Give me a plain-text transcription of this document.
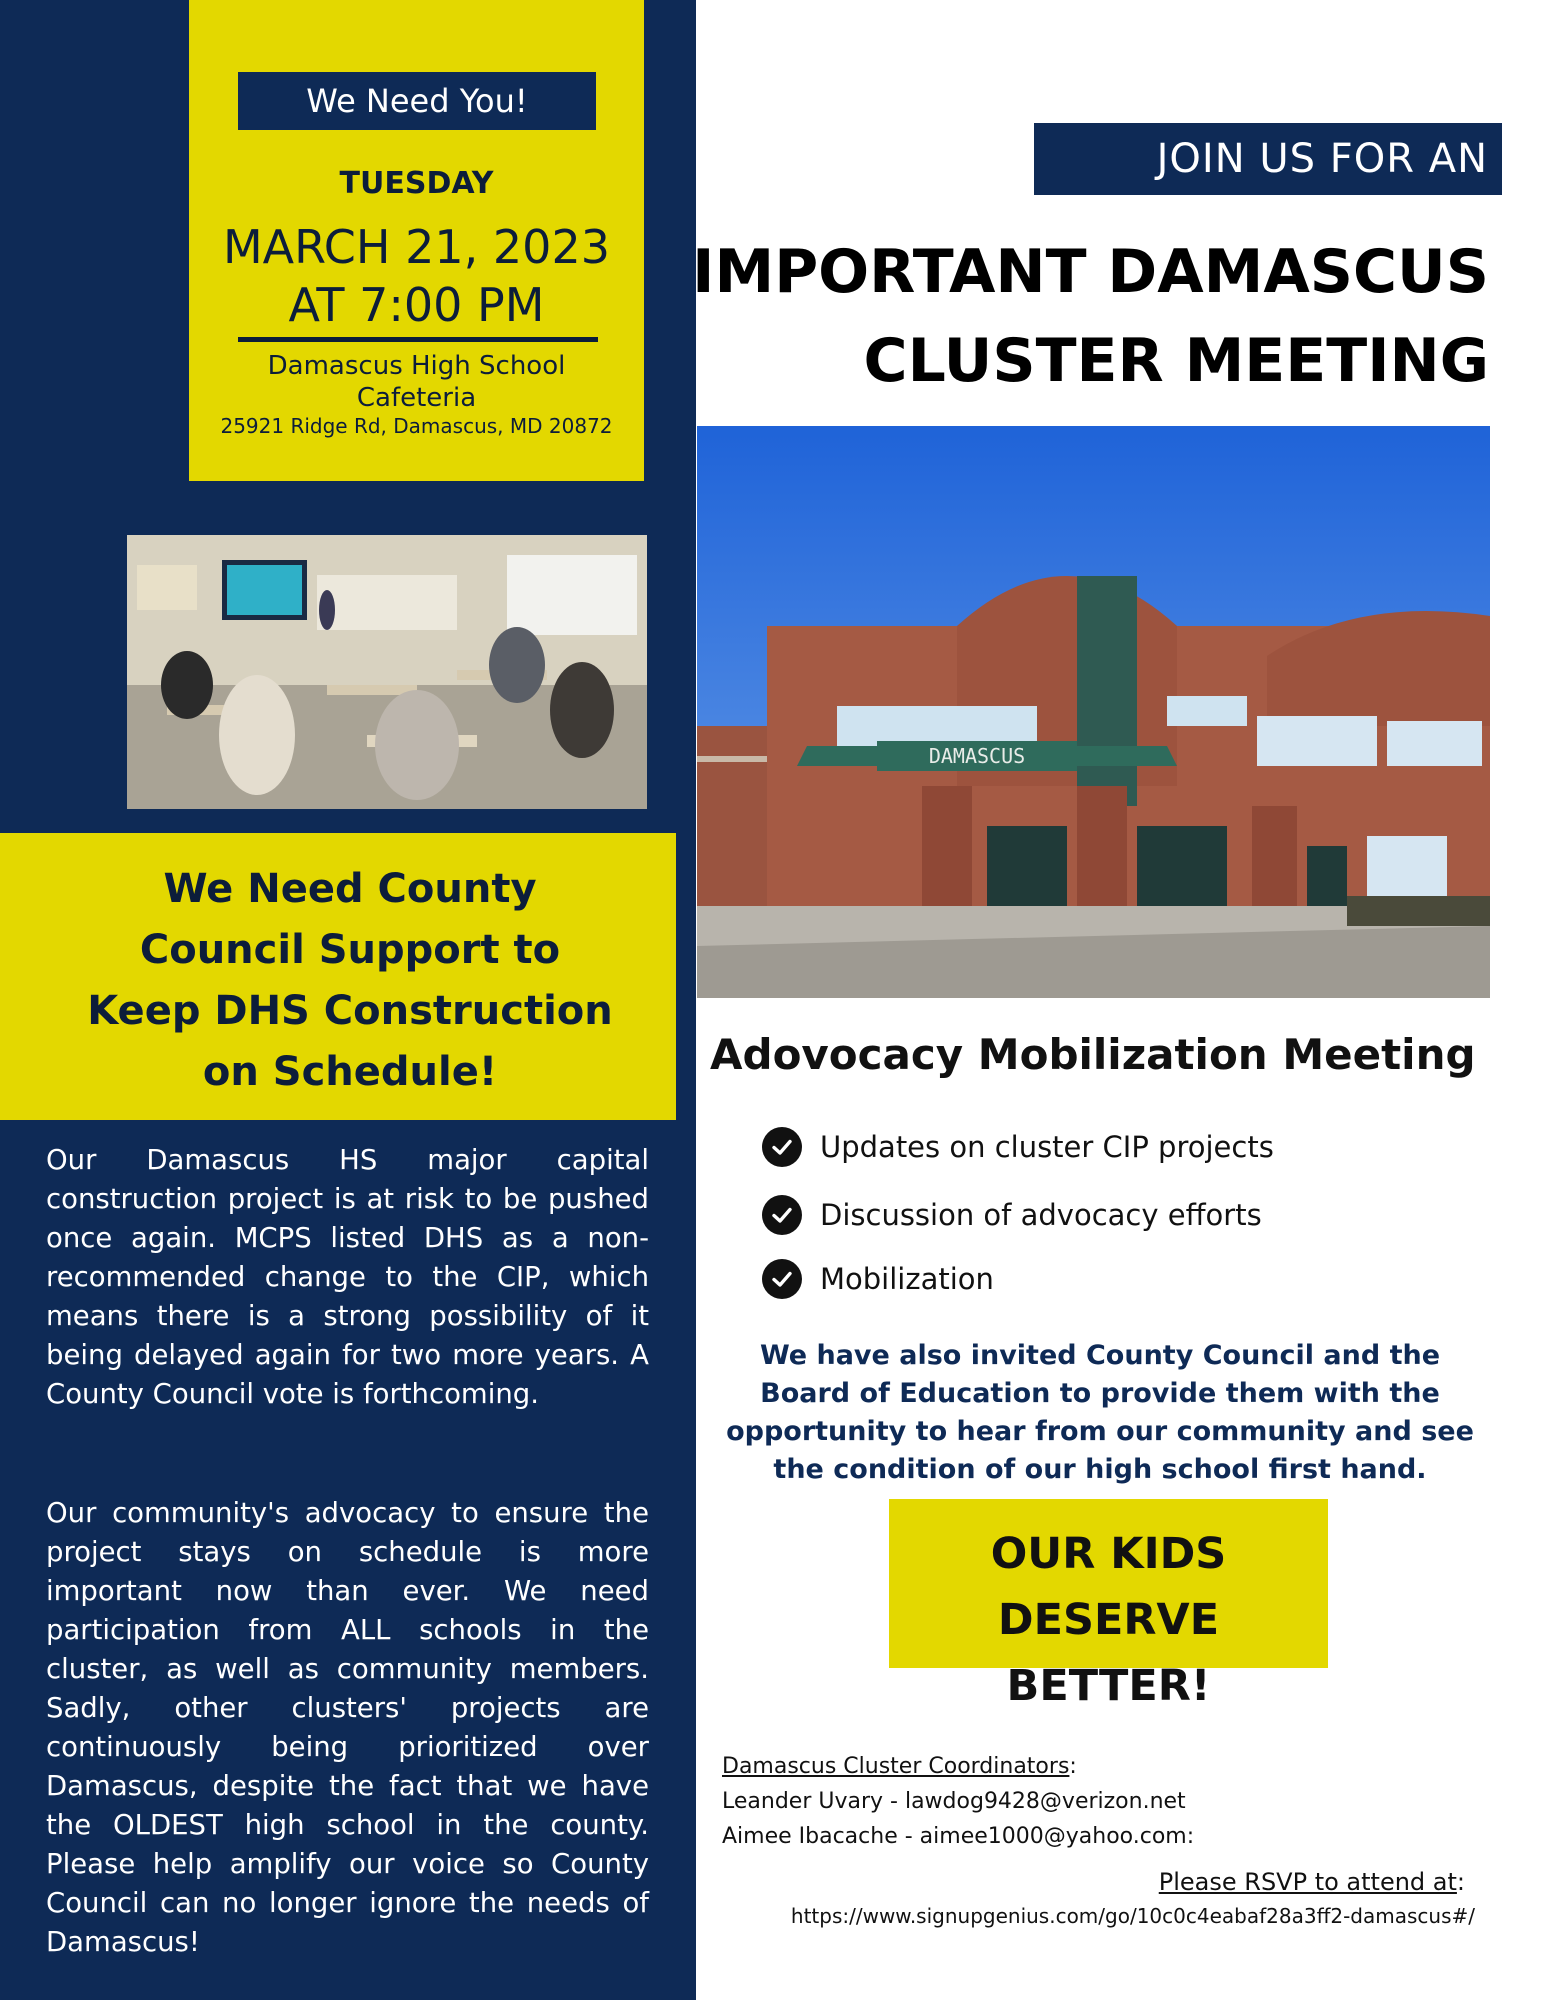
We Need You!
TUESDAY
MARCH 21, 2023
AT 7:00 PM
Damascus High School
Cafeteria
25921 Ridge Rd, Damascus, MD 20872
We Need County
Council Support to
Keep DHS Construction
on Schedule!

Our Damascus HS major capital construction project is at risk to be pushed once again. MCPS listed DHS as a non-recommended change to the CIP, which means there is a strong possibility of it being delayed again for two more years. A County Council vote is forthcoming.

Our community's advocacy to ensure the project stays on schedule is more important now than ever. We need participation from ALL schools in the cluster, as well as community members. Sadly, other clusters' projects are continuously being prioritized over Damascus, despite the fact that we have the OLDEST high school in the county. Please help amplify our voice so County Council can no longer ignore the needs of Damascus!

JOIN US FOR AN
IMPORTANT DAMASCUS
CLUSTER MEETING
DAMASCUS
Adovocacy Mobilization Meeting
Updates on cluster CIP projects
Discussion of advocacy efforts
Mobilization

We have also invited County Council and the Board of Education to provide them with the opportunity to hear from our community and see the condition of our high school first hand.

OUR KIDS
DESERVE BETTER!
Damascus Cluster Coordinators:
Leander Uvary - lawdog9428@verizon.net
Aimee Ibacache - aimee1000@yahoo.com:
Please RSVP to attend at:
https://www.signupgenius.com/go/10c0c4eabaf28a3ff2-damascus#/
